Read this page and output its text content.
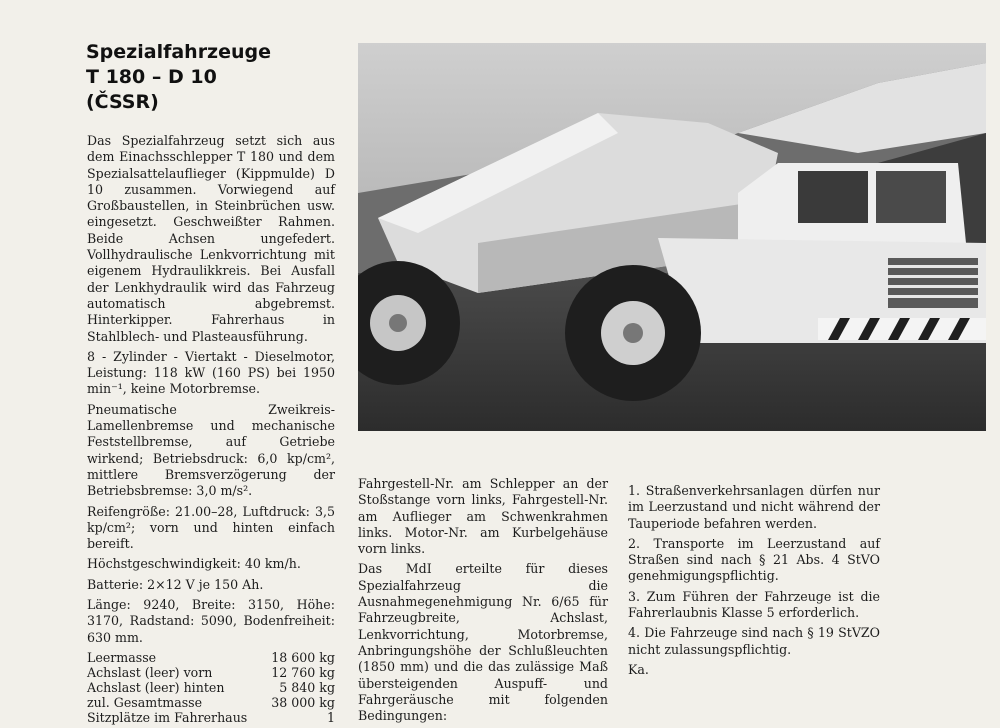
Spezialfahrzeuge
T 180 – D 10
(ČSSR)

Das Spezialfahrzeug setzt sich aus dem Einachsschlepper T 180 und dem Spezialsattelauflieger (Kippmulde) D 10 zusammen. Vorwiegend auf Großbaustellen, in Steinbrüchen usw. eingesetzt. Geschweißter Rahmen. Beide Achsen ungefedert. Vollhydraulische Lenkvorrichtung mit eigenem Hydraulikkreis. Bei Ausfall der Lenkhydraulik wird das Fahrzeug automatisch abgebremst. Hinterkipper. Fahrerhaus in Stahlblech- und Plasteausführung.

8 - Zylinder - Viertakt - Dieselmotor, Leistung: 118 kW (160 PS) bei 1950 min⁻¹, keine Motorbremse.

Pneumatische Zweikreis-Lamellenbremse und mechanische Feststellbremse, auf Getriebe wirkend; Betriebsdruck: 6,0 kp/cm², mittlere Bremsverzögerung der Betriebsbremse: 3,0 m/s².

Reifengröße: 21.00–28, Luftdruck: 3,5 kp/cm²; vorn und hinten einfach bereift.

Höchstgeschwindigkeit: 40 km/h.

Batterie: 2×12 V je 150 Ah.

Länge: 9240, Breite: 3150, Höhe: 3170, Radstand: 5090, Bodenfreiheit: 630 mm.

Leermasse	18 600 kg
Achslast (leer) vorn	12 760 kg
Achslast (leer) hinten	5 840 kg
zul. Gesamtmasse	38 000 kg
Sitzplätze im Fahrerhaus	1

Fahrgestell-Nr. am Schlepper an der Stoßstange vorn links, Fahrgestell-Nr. am Auflieger am Schwenkrahmen links. Motor-Nr. am Kurbelgehäuse vorn links.

Das MdI erteilte für dieses Spezialfahrzeug die Ausnahmegenehmigung Nr. 6/65 für Fahrzeugbreite, Achslast, Lenkvorrichtung, Motorbremse, Anbringungshöhe der Schlußleuchten (1850 mm) und die das zulässige Maß übersteigenden Auspuff- und Fahrgeräusche mit folgenden Bedingungen:

1. Straßenverkehrsanlagen dürfen nur im Leerzustand und nicht während der Tauperiode befahren werden.

2. Transporte im Leerzustand auf Straßen sind nach § 21 Abs. 4 StVO genehmigungspflichtig.

3. Zum Führen der Fahrzeuge ist die Fahrerlaubnis Klasse 5 erforderlich.

4. Die Fahrzeuge sind nach § 19 StVZO nicht zulassungspflichtig.

Ka.
